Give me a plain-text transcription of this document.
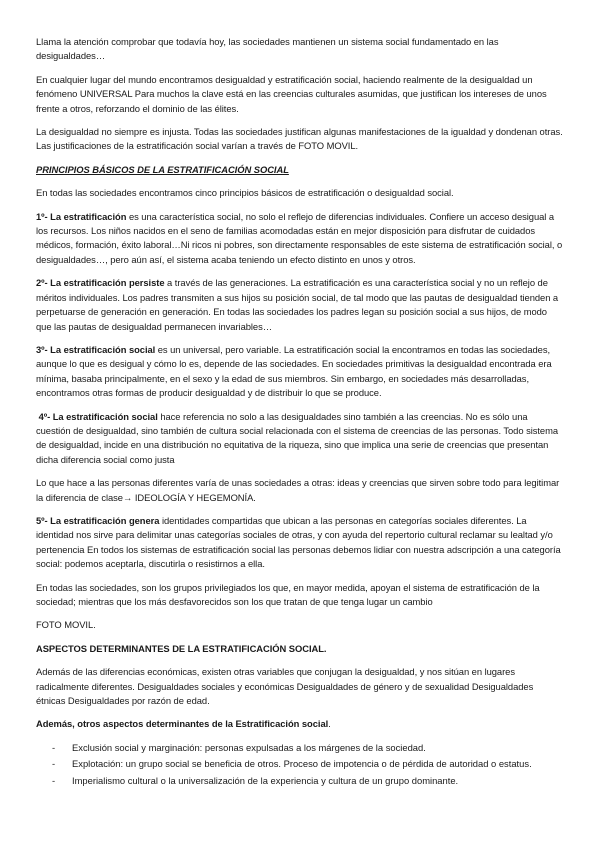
Llama la atención comprobar que todavía hoy, las sociedades mantienen un sistema social fundamentado en las desigualdades…

En cualquier lugar del mundo encontramos desigualdad y estratificación social, haciendo realmente de la desigualdad un fenómeno UNIVERSAL Para muchos la clave está en las creencias culturales asumidas, que justifican los intereses de unos frente a otros, reforzando el dominio de las élites.

La desigualdad no siempre es injusta. Todas las sociedades justifican algunas manifestaciones de la igualdad y dondenan otras. Las justificaciones de la estratificación social varían a través de FOTO MOVIL.

PRINCIPIOS BÁSICOS DE LA ESTRATIFICACIÓN SOCIAL

En todas las sociedades encontramos cinco principios básicos de estratificación o desigualdad social.

1º- La estratificación es una característica social, no solo el reflejo de diferencias individuales. Confiere un acceso desigual a los recursos. Los niños nacidos en el seno de familias acomodadas están en mejor disposición para disfrutar de cuidados médicos, formación, éxito laboral…Ni ricos ni pobres, son directamente responsables de este sistema de estratificación social, o desigualdades…, pero aún así, el sistema acaba teniendo un efecto distinto en unos y otros.

2º- La estratificación persiste a través de las generaciones. La estratificación es una característica social y no un reflejo de méritos individuales. Los padres transmiten a sus hijos su posición social, de tal modo que las pautas de desigualdad tienden a perpetuarse de generación en generación. En todas las sociedades los padres legan su posición social a sus hijos, de modo que las pautas de desigualdad permanecen invariables…

3º- La estratificación social es un universal, pero variable. La estratificación social la encontramos en todas las sociedades, aunque lo que es desigual y cómo lo es, depende de las sociedades. En sociedades primitivas la desigualdad encontrada era mínima, basaba principalmente, en el sexo y la edad de sus miembros. Sin embargo, en sociedades más desarrolladas, encontramos otras formas de producir desigualdad y de distribuir lo que se produce.

4º- La estratificación social hace referencia no solo a las desigualdades sino también a las creencias. No es sólo una cuestión de desigualdad, sino también de cultura social relacionada con el sistema de creencias de las personas. Todo sistema de desigualdad, incide en una distribución no equitativa de la riqueza, sino que implica una serie de creencias que presentan dicha diferencia social como justa

Lo que hace a las personas diferentes varía de unas sociedades a otras: ideas y creencias que sirven sobre todo para legitimar la diferencia de clase→ IDEOLOGÍA Y HEGEMONÍA.

5º- La estratificación genera identidades compartidas que ubican a las personas en categorías sociales diferentes. La identidad nos sirve para delimitar unas categorías sociales de otras, y con ayuda del repertorio cultural reclamar su lealtad y/o pertenencia En todos los sistemas de estratificación social las personas debemos lidiar con nuestra adscripción a una categoría social: podemos aceptarla, discutirla o resistirnos a ella.

En todas las sociedades, son los grupos privilegiados los que, en mayor medida, apoyan el sistema de estratificación de la sociedad; mientras que los más desfavorecidos son los que tratan de que tenga lugar un cambio

FOTO MOVIL.

ASPECTOS DETERMINANTES DE LA ESTRATIFICACIÓN SOCIAL.

Además de las diferencias económicas, existen otras variables que conjugan la desigualdad, y nos sitúan en lugares radicalmente diferentes. Desigualdades sociales y económicas Desigualdades de género y de sexualidad Desigualdades étnicas Desigualdades por razón de edad.

Además, otros aspectos determinantes de la Estratificación social.

- Exclusión social y marginación: personas expulsadas a los márgenes de la sociedad.
- Explotación: un grupo social se beneficia de otros. Proceso de impotencia o de pérdida de autoridad o estatus.
- Imperialismo cultural o la universalización de la experiencia y cultura de un grupo dominante.
